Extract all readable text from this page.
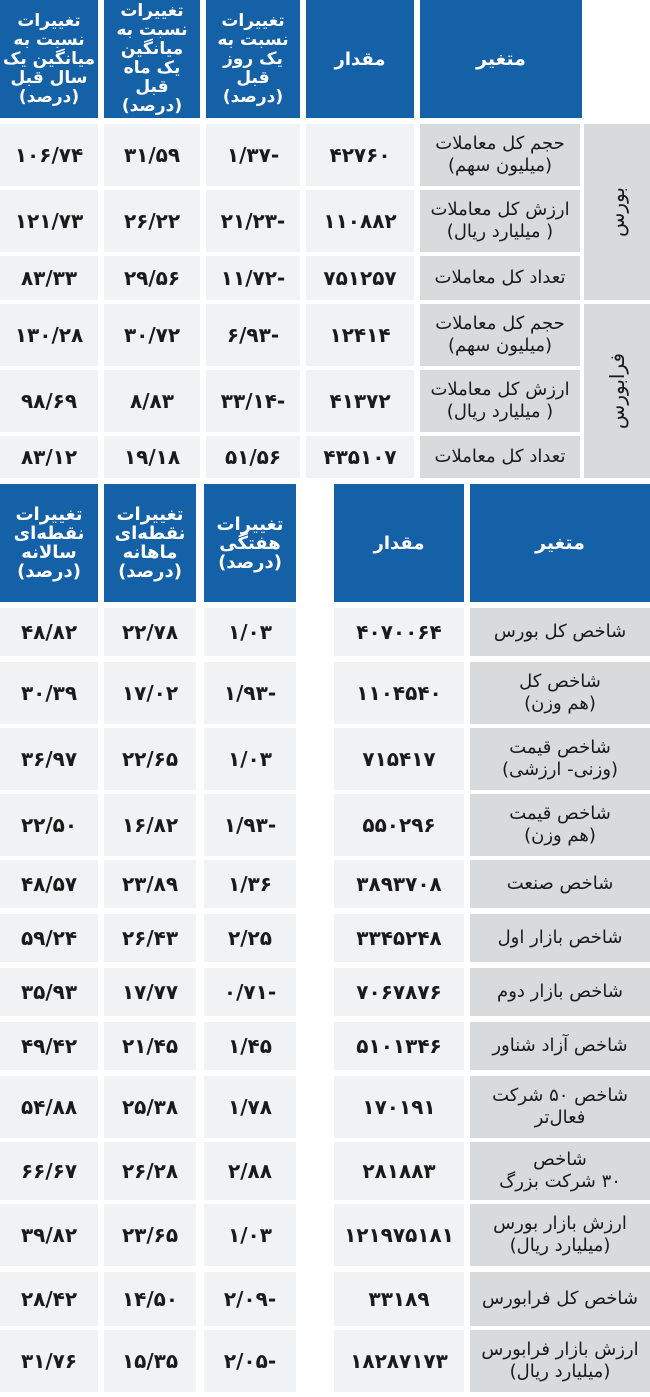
متغیر
مقدار
تغییرات
نسبت به
یک روز قبل
(درصد)
تغییرات
نسبت به
میانگین
یک ماه قبل
(درصد)
تغییرات
نسبت به
میانگین یک
سال قبل
(درصد)
بورس
فرابورس
حجم کل معاملات
(میلیون سهم)
۴۲۷۶۰
-۱/۳۷
۳۱/۵۹
۱۰۶/۷۴
ارزش کل معاملات
( میلیارد ریال)
۱۱۰۸۸۲
-۲۱/۲۳
۲۶/۲۲
۱۲۱/۷۳
تعداد کل معاملات
۷۵۱۲۵۷
-۱۱/۷۲
۲۹/۵۶
۸۳/۳۳
حجم کل معاملات
(میلیون سهم)
۱۲۴۱۴
-۶/۹۳
۳۰/۷۲
۱۳۰/۲۸
ارزش کل معاملات
( میلیارد ریال)
۴۱۳۷۲
-۳۳/۱۴
۸/۸۳
۹۸/۶۹
تعداد کل معاملات
۴۳۵۱۰۷
۵۱/۵۶
۱۹/۱۸
۸۳/۱۲
متغیر
مقدار
تغییرات
هفتگی
(درصد)
تغییرات
نقطه‌ای
ماهانه
(درصد)
تغییرات
نقطه‌ای
سالانه
(درصد)
شاخص کل بورس
۴۰۷۰۰۶۴
۱/۰۳
۲۲/۷۸
۴۸/۸۲
شاخص کل
(هم وزن)
۱۱۰۴۵۴۰
-۱/۹۳
۱۷/۰۲
۳۰/۳۹
شاخص قیمت
(وزنی- ارزشی)
۷۱۵۴۱۷
۱/۰۳
۲۲/۶۵
۳۶/۹۷
شاخص قیمت
(هم وزن)
۵۵۰۲۹۶
-۱/۹۳
۱۶/۸۲
۲۲/۵۰
شاخص صنعت
۳۸۹۳۷۰۸
۱/۳۶
۲۳/۸۹
۴۸/۵۷
شاخص بازار اول
۳۳۴۵۲۴۸
۲/۲۵
۲۶/۴۳
۵۹/۲۴
شاخص بازار دوم
۷۰۶۷۸۷۶
-۰/۷۱
۱۷/۷۷
۳۵/۹۳
شاخص آزاد شناور
۵۱۰۱۳۴۶
۱/۴۵
۲۱/۴۵
۴۹/۴۲
شاخص ۵۰ شرکت
فعال‌تر
۱۷۰۱۹۱
۱/۷۸
۲۵/۳۸
۵۴/۸۸
شاخص
۳۰ شرکت بزرگ
۲۸۱۸۸۳
۲/۸۸
۲۶/۲۸
۶۶/۶۷
ارزش بازار بورس
(میلیارد ریال)
۱۲۱۹۷۵۱۸۱
۱/۰۳
۲۳/۶۵
۳۹/۸۲
شاخص کل فرابورس
۳۳۱۸۹
-۲/۰۹
۱۴/۵۰
۲۸/۴۲
ارزش بازار فرابورس
(میلیارد ریال)
۱۸۲۸۷۱۷۳
-۲/۰۵
۱۵/۳۵
۳۱/۷۶
